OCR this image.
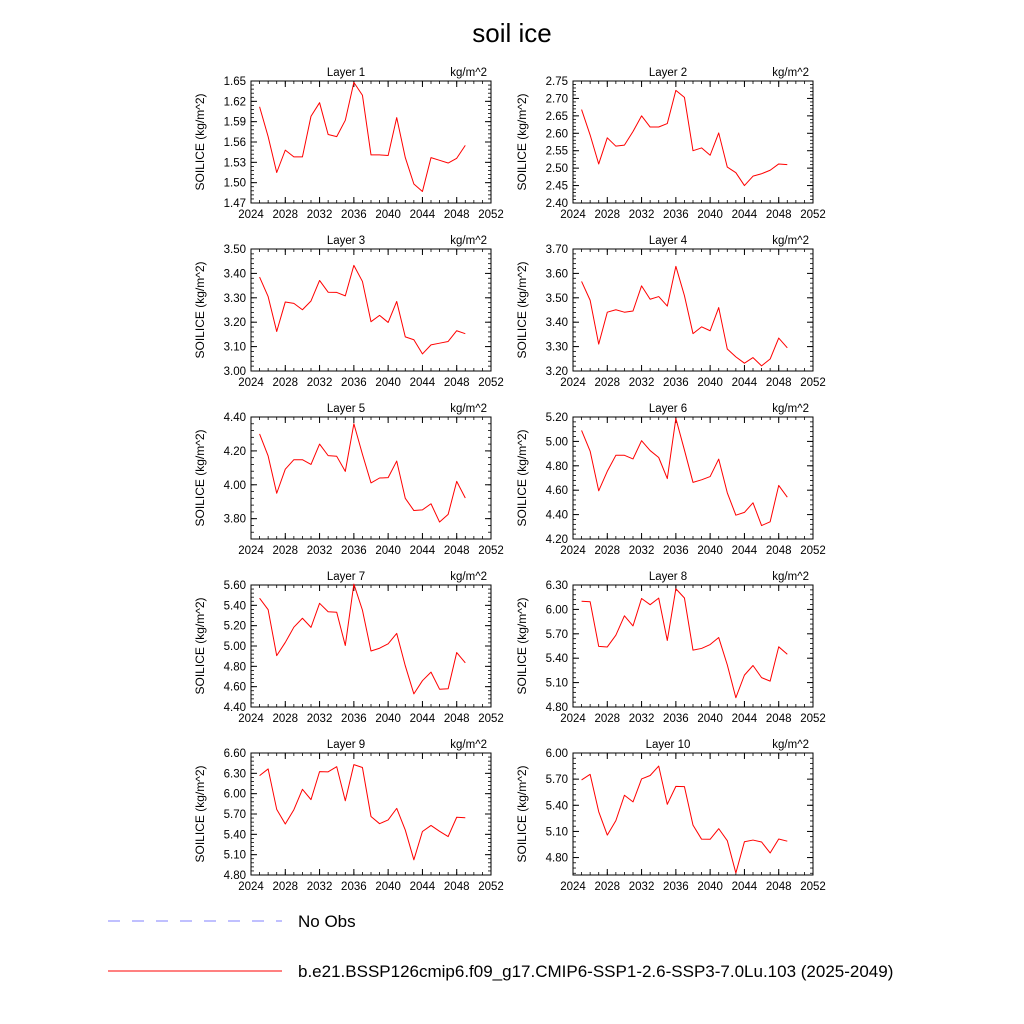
soil ice
Layer 1	kg/m^2
SOILICE (kg/m^2)
2024 2028 2032 2036 2040 2044 2048 2052
1.47
1.50
1.53
1.56
1.59
1.62
1.65
Layer 2	kg/m^2
SOILICE (kg/m^2)
2024 2028 2032 2036 2040 2044 2048 2052
2.40
2.45
2.50
2.55
2.60
2.65
2.70
2.75
Layer 3	kg/m^2
SOILICE (kg/m^2)
2024 2028 2032 2036 2040 2044 2048 2052
3.00
3.10
3.20
3.30
3.40
3.50
Layer 4	kg/m^2
SOILICE (kg/m^2)
2024 2028 2032 2036 2040 2044 2048 2052
3.20
3.30
3.40
3.50
3.60
3.70
Layer 5	kg/m^2
SOILICE (kg/m^2)
2024 2028 2032 2036 2040 2044 2048 2052
3.80
4.00
4.20
4.40
Layer 6	kg/m^2
SOILICE (kg/m^2)
2024 2028 2032 2036 2040 2044 2048 2052
4.20
4.40
4.60
4.80
5.00
5.20
Layer 7	kg/m^2
SOILICE (kg/m^2)
2024 2028 2032 2036 2040 2044 2048 2052
4.40
4.60
4.80
5.00
5.20
5.40
5.60
Layer 8	kg/m^2
SOILICE (kg/m^2)
2024 2028 2032 2036 2040 2044 2048 2052
4.80
5.10
5.40
5.70
6.00
6.30
Layer 9	kg/m^2
SOILICE (kg/m^2)
2024 2028 2032 2036 2040 2044 2048 2052
4.80
5.10
5.40
5.70
6.00
6.30
6.60
Layer 10	kg/m^2
SOILICE (kg/m^2)
2024 2028 2032 2036 2040 2044 2048 2052
4.80
5.10
5.40
5.70
6.00
No Obs
b.e21.BSSP126cmip6.f09_g17.CMIP6-SSP1-2.6-SSP3-7.0Lu.103 (2025-2049)
